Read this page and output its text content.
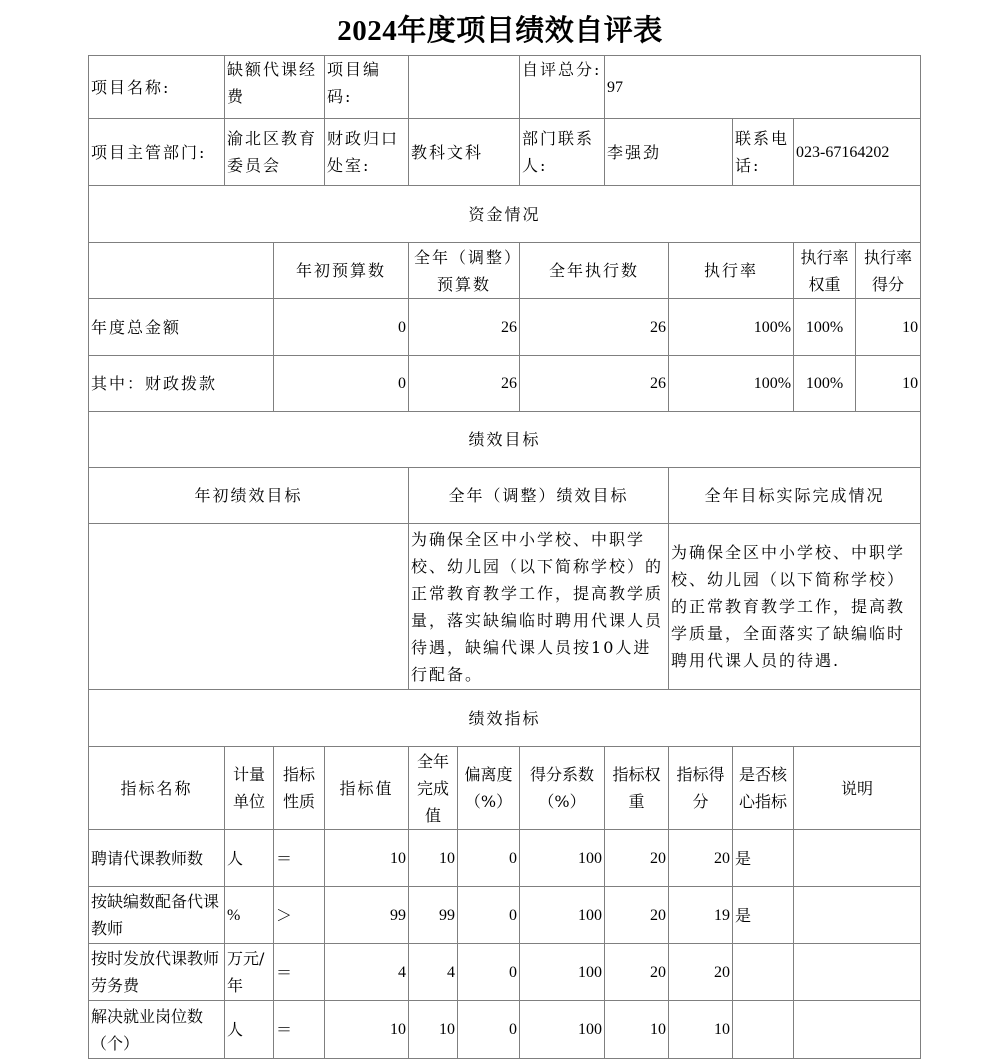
2024年度项目绩效自评表
项目名称:	缺额代课经费		项目编码:			自评总分:	97				
项目主管部门:	渝北区教育委员会		财政归口处室:	教科文科		部门联系人:	李强劲		联系电话:	023-67164202	
资金情况											
		年初预算数		全年（调整）预算数		全年执行数		执行率		执行率权重	执行率得分
年度总金额		0		26		26		100%		100%	10
其中：财政拨款		0		26		26		100%		100%	10
绩效目标											
年初绩效目标				全年（调整）绩效目标				全年目标实际完成情况			
				为确保全区中小学校、中职学校、幼儿园（以下简称学校）的正常教育教学工作，提高教学质量，落实缺编临时聘用代课人员待遇，缺编代课人员按10人进行配备。				为确保全区中小学校、中职学校、幼儿园（以下简称学校）的正常教育教学工作，提高教学质量，全面落实了缺编临时聘用代课人员的待遇.			
绩效指标											
指标名称	计量单位	指标性质	指标值	全年完成值	偏离度（%）	得分系数（%）	指标权重	指标得分	是否核心指标	说明	
聘请代课教师数	人	＝	10	10	0	100	20	20	是		
按缺编数配备代课教师	%	＞	99	99	0	100	20	19	是		
按时发放代课教师劳务费	万元/年	＝	4	4	0	100	20	20			
解决就业岗位数（个）	人	＝	10	10	0	100	10	10			
